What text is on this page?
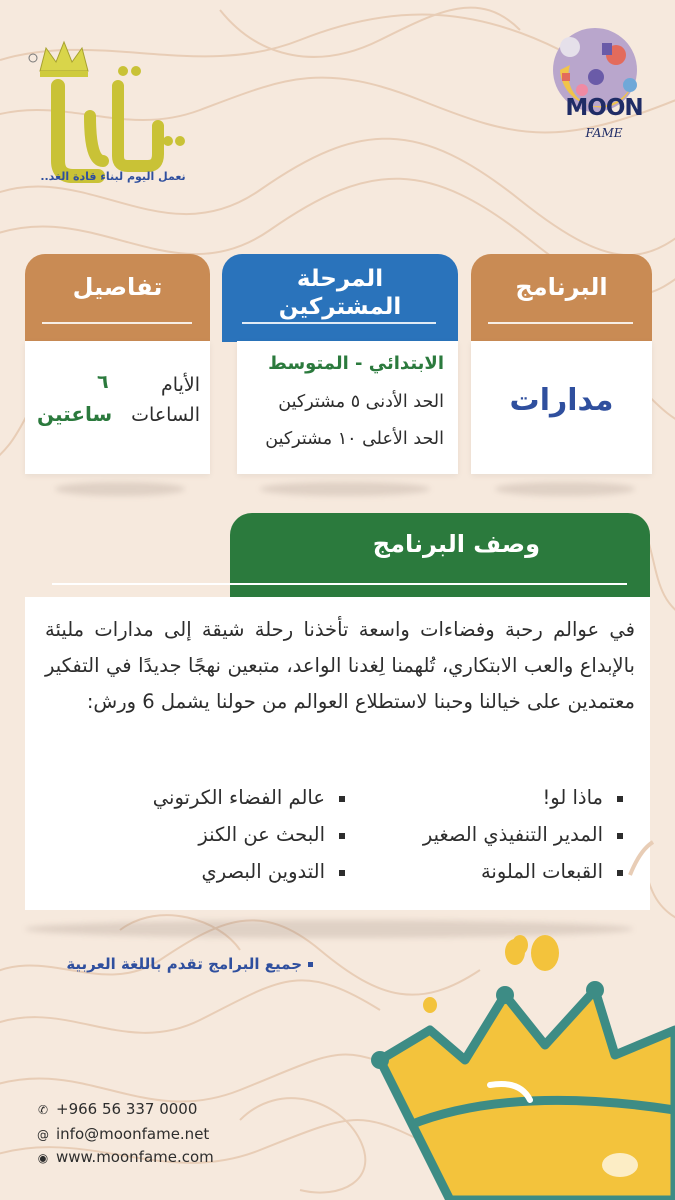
نعمل اليوم لبناء قادة الغد..
MOON
FAME
البرنامج
مدارات
المرحلة
المشتركين
الابتدائي - المتوسط
الحد الأدنى ٥ مشتركين
الحد الأعلى ١٠ مشتركين
تفاصيل
الأيام
٦
الساعات
ساعتين
وصف البرنامج
في عوالم رحبة وفضاءات واسعة تأخذنا رحلة شيقة إلى مدارات مليئة بالإبداع والعب الابتكاري، تُلهمنا لِغدنا الواعد، متبعين نهجًا جديدًا في التفكير معتمدين على خيالنا وحبنا لاستطلاع العوالم من حولنا يشمل 6 ورش:
ماذا لو!
عالم الفضاء الكرتوني
المدير التنفيذي الصغير
البحث عن الكنز
القبعات الملونة
التدوين البصري
جميع البرامج تقدم باللغة العربية
✆ +966 56 337 0000
@ info@moonfame.net
◉ www.moonfame.com
